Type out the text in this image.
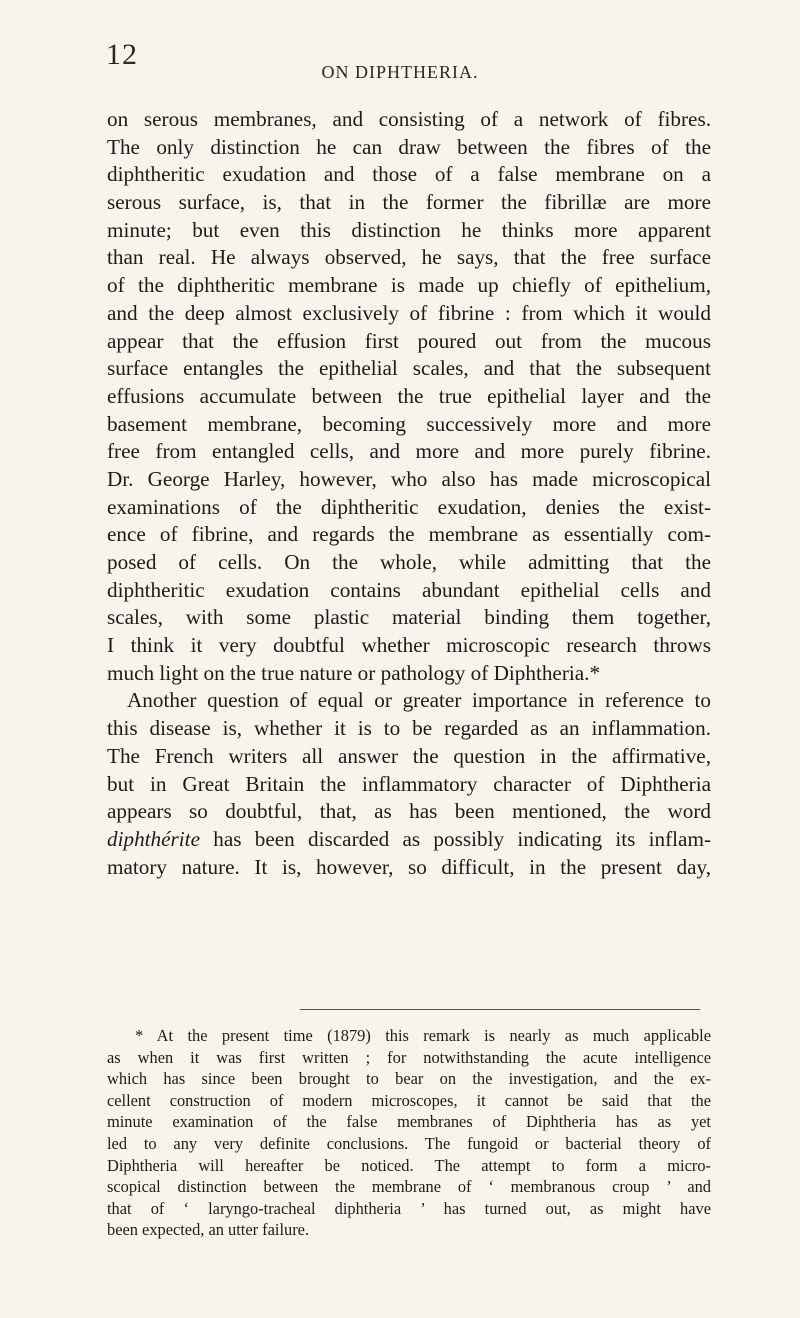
12
ON DIPHTHERIA.
on serous membranes, and consisting of a network of fibres.
The only distinction he can draw between the fibres of the
diphtheritic exudation and those of a false membrane on a
serous surface, is, that in the former the fibrillæ are more
minute; but even this distinction he thinks more apparent
than real. He always observed, he says, that the free surface
of the diphtheritic membrane is made up chiefly of epithelium,
and the deep almost exclusively of fibrine : from which it would
appear that the effusion first poured out from the mucous
surface entangles the epithelial scales, and that the subsequent
effusions accumulate between the true epithelial layer and the
basement membrane, becoming successively more and more
free from entangled cells, and more and more purely fibrine.
Dr. George Harley, however, who also has made microscopical
examinations of the diphtheritic exudation, denies the exist-
ence of fibrine, and regards the membrane as essentially com-
posed of cells. On the whole, while admitting that the
diphtheritic exudation contains abundant epithelial cells and
scales, with some plastic material binding them together,
I think it very doubtful whether microscopic research throws
much light on the true nature or pathology of Diphtheria.*
Another question of equal or greater importance in reference to
this disease is, whether it is to be regarded as an inflammation.
The French writers all answer the question in the affirmative,
but in Great Britain the inflammatory character of Diphtheria
appears so doubtful, that, as has been mentioned, the word
diphthérite has been discarded as possibly indicating its inflam-
matory nature. It is, however, so difficult, in the present day,
* At the present time (1879) this remark is nearly as much applicable
as when it was first written ; for notwithstanding the acute intelligence
which has since been brought to bear on the investigation, and the ex-
cellent construction of modern microscopes, it cannot be said that the
minute examination of the false membranes of Diphtheria has as yet
led to any very definite conclusions. The fungoid or bacterial theory of
Diphtheria will hereafter be noticed. The attempt to form a micro-
scopical distinction between the membrane of ‘ membranous croup ’ and
that of ‘ laryngo-tracheal diphtheria ’ has turned out, as might have
been expected, an utter failure.
